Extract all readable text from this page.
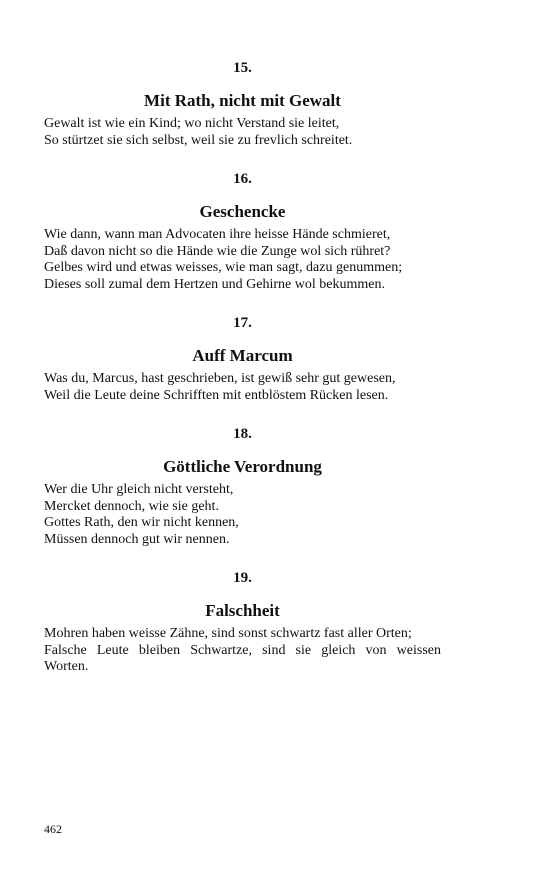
15.
Mit Rath, nicht mit Gewalt
Gewalt ist wie ein Kind; wo nicht Verstand sie leitet,
So stürtzet sie sich selbst, weil sie zu frevlich schreitet.
16.
Geschencke
Wie dann, wann man Advocaten ihre heisse Hände schmieret,
Daß davon nicht so die Hände wie die Zunge wol sich rühret?
Gelbes wird und etwas weisses, wie man sagt, dazu genummen;
Dieses soll zumal dem Hertzen und Gehirne wol bekummen.
17.
Auff Marcum
Was du, Marcus, hast geschrieben, ist gewiß sehr gut gewesen,
Weil die Leute deine Schrifften mit entblöstem Rücken lesen.
18.
Göttliche Verordnung
Wer die Uhr gleich nicht versteht,
Mercket dennoch, wie sie geht.
Gottes Rath, den wir nicht kennen,
Müssen dennoch gut wir nennen.
19.
Falschheit
Mohren haben weisse Zähne, sind sonst schwartz fast aller Orten;
Falsche Leute bleiben Schwartze, sind sie gleich von weissen
Worten.
462
